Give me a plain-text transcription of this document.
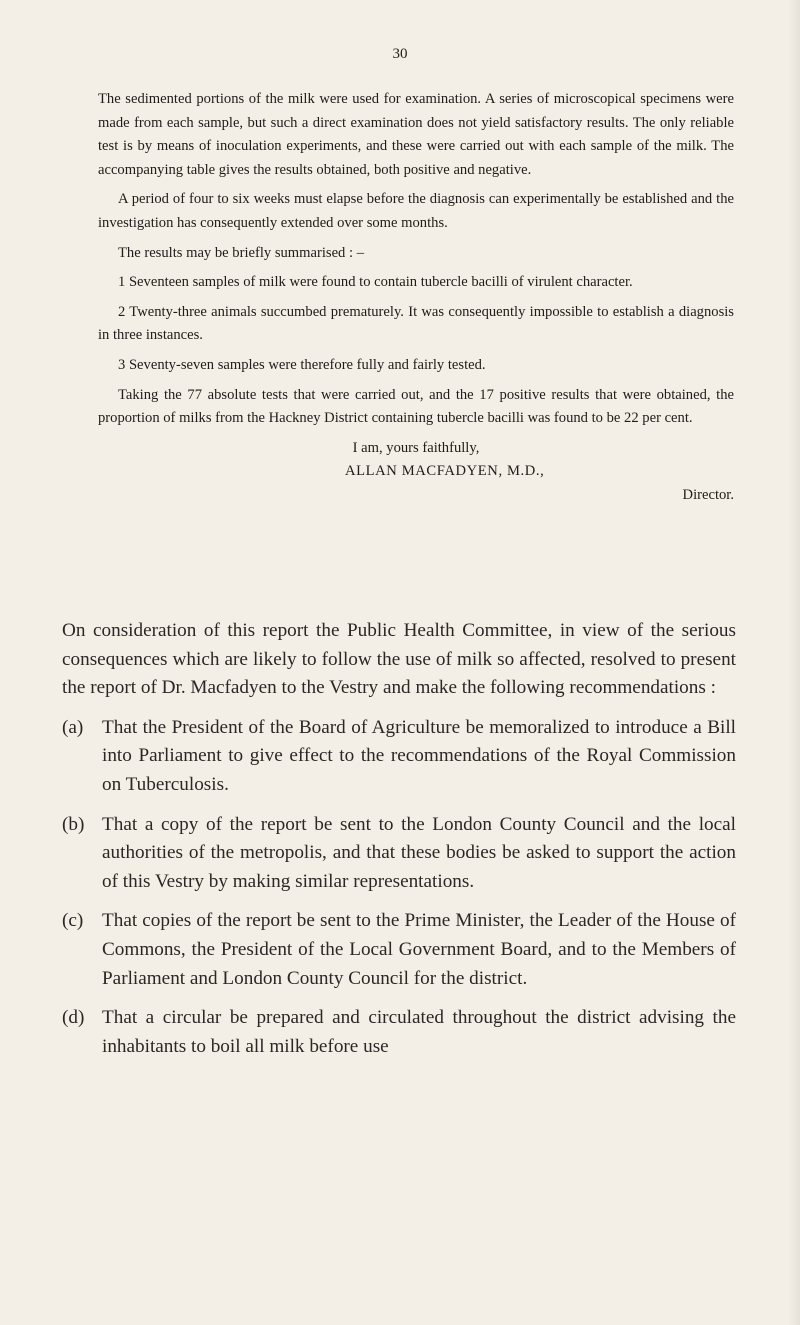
30

The sedimented portions of the milk were used for examination. A series of microscopical specimens were made from each sample, but such a direct examination does not yield satisfactory results. The only reliable test is by means of inoculation experiments, and these were carried out with each sample of the milk. The accompanying table gives the results obtained, both positive and negative.

A period of four to six weeks must elapse before the diagnosis can experimentally be established and the investigation has consequently extended over some months.

The results may be briefly summarised : –

1 Seventeen samples of milk were found to contain tubercle bacilli of virulent character.

2 Twenty-three animals succumbed prematurely. It was consequently impossible to establish a diagnosis in three instances.

3 Seventy-seven samples were therefore fully and fairly tested.

Taking the 77 absolute tests that were carried out, and the 17 positive results that were obtained, the proportion of milks from the Hackney District containing tubercle bacilli was found to be 22 per cent.

I am, yours faithfully,

ALLAN MACFADYEN, M.D.,

Director.

On consideration of this report the Public Health Committee, in view of the serious consequences which are likely to follow the use of milk so affected, resolved to present the report of Dr. Macfadyen to the Vestry and make the following recommendations :

(a) That the President of the Board of Agriculture be memoralized to introduce a Bill into Parliament to give effect to the recommendations of the Royal Commission on Tuberculosis.
(b) That a copy of the report be sent to the London County Council and the local authorities of the metropolis, and that these bodies be asked to support the action of this Vestry by making similar representations.
(c) That copies of the report be sent to the Prime Minister, the Leader of the House of Commons, the President of the Local Government Board, and to the Members of Parliament and London County Council for the district.
(d) That a circular be prepared and circulated throughout the district advising the inhabitants to boil all milk before use
